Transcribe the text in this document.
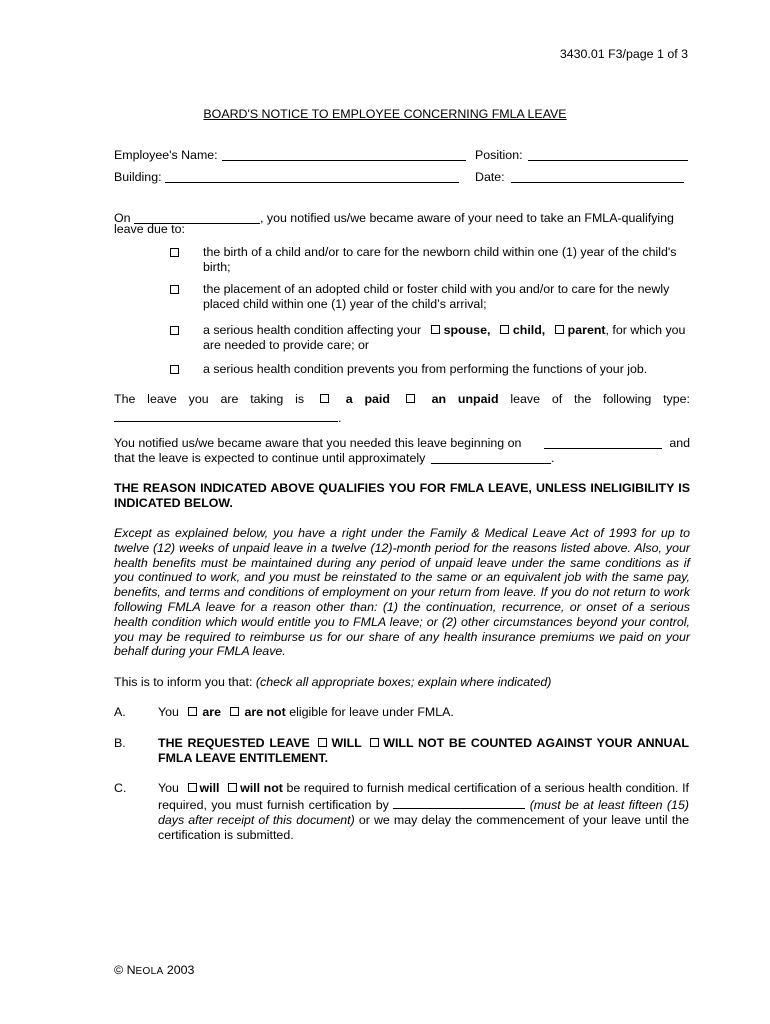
3430.01 F3/page 1 of 3
BOARD'S NOTICE TO EMPLOYEE CONCERNING FMLA LEAVE
Employee's Name:	Position:
Building:	Date:
On	, you notified us/we became aware of your need to take an FMLA-qualifying
leave due to:
the birth of a child and/or to care for the newborn child within one (1) year of the child's birth;
the placement of an adopted child or foster child with you and/or to care for the newly placed child within one (1) year of the child’s arrival;
a serious health condition affecting your spouse, child, parent, for which you are needed to provide care; or
a serious health condition prevents you from performing the functions of your job.
The leave you are taking is	a paid	an unpaid leave of the following type:
.
You notified us/we became aware that you needed this leave beginning on	and
that the leave is expected to continue until approximately	.
THE REASON INDICATED ABOVE QUALIFIES YOU FOR FMLA LEAVE, UNLESS INELIGIBILITY IS INDICATED BELOW.
Except as explained below, you have a right under the Family & Medical Leave Act of 1993 for up to twelve (12) weeks of unpaid leave in a twelve (12)-month period for the reasons listed above. Also, your health benefits must be maintained during any period of unpaid leave under the same conditions as if you continued to work, and you must be reinstated to the same or an equivalent job with the same pay, benefits, and terms and conditions of employment on your return from leave. If you do not return to work following FMLA leave for a reason other than: (1) the continuation, recurrence, or onset of a serious health condition which would entitle you to FMLA leave; or (2) other circumstances beyond your control, you may be required to reimburse us for our share of any health insurance premiums we paid on your behalf during your FMLA leave.
This is to inform you that: (check all appropriate boxes; explain where indicated)
A.	You are are not eligible for leave under FMLA.
B.	THE REQUESTED LEAVE WILL WILL NOT BE COUNTED AGAINST YOUR ANNUAL FMLA LEAVE ENTITLEMENT.
C.	You will will not be required to furnish medical certification of a serious health condition. If required, you must furnish certification by	(must be at least fifteen (15) days after receipt of this document) or we may delay the commencement of your leave until the certification is submitted.
© NEOLA 2003
